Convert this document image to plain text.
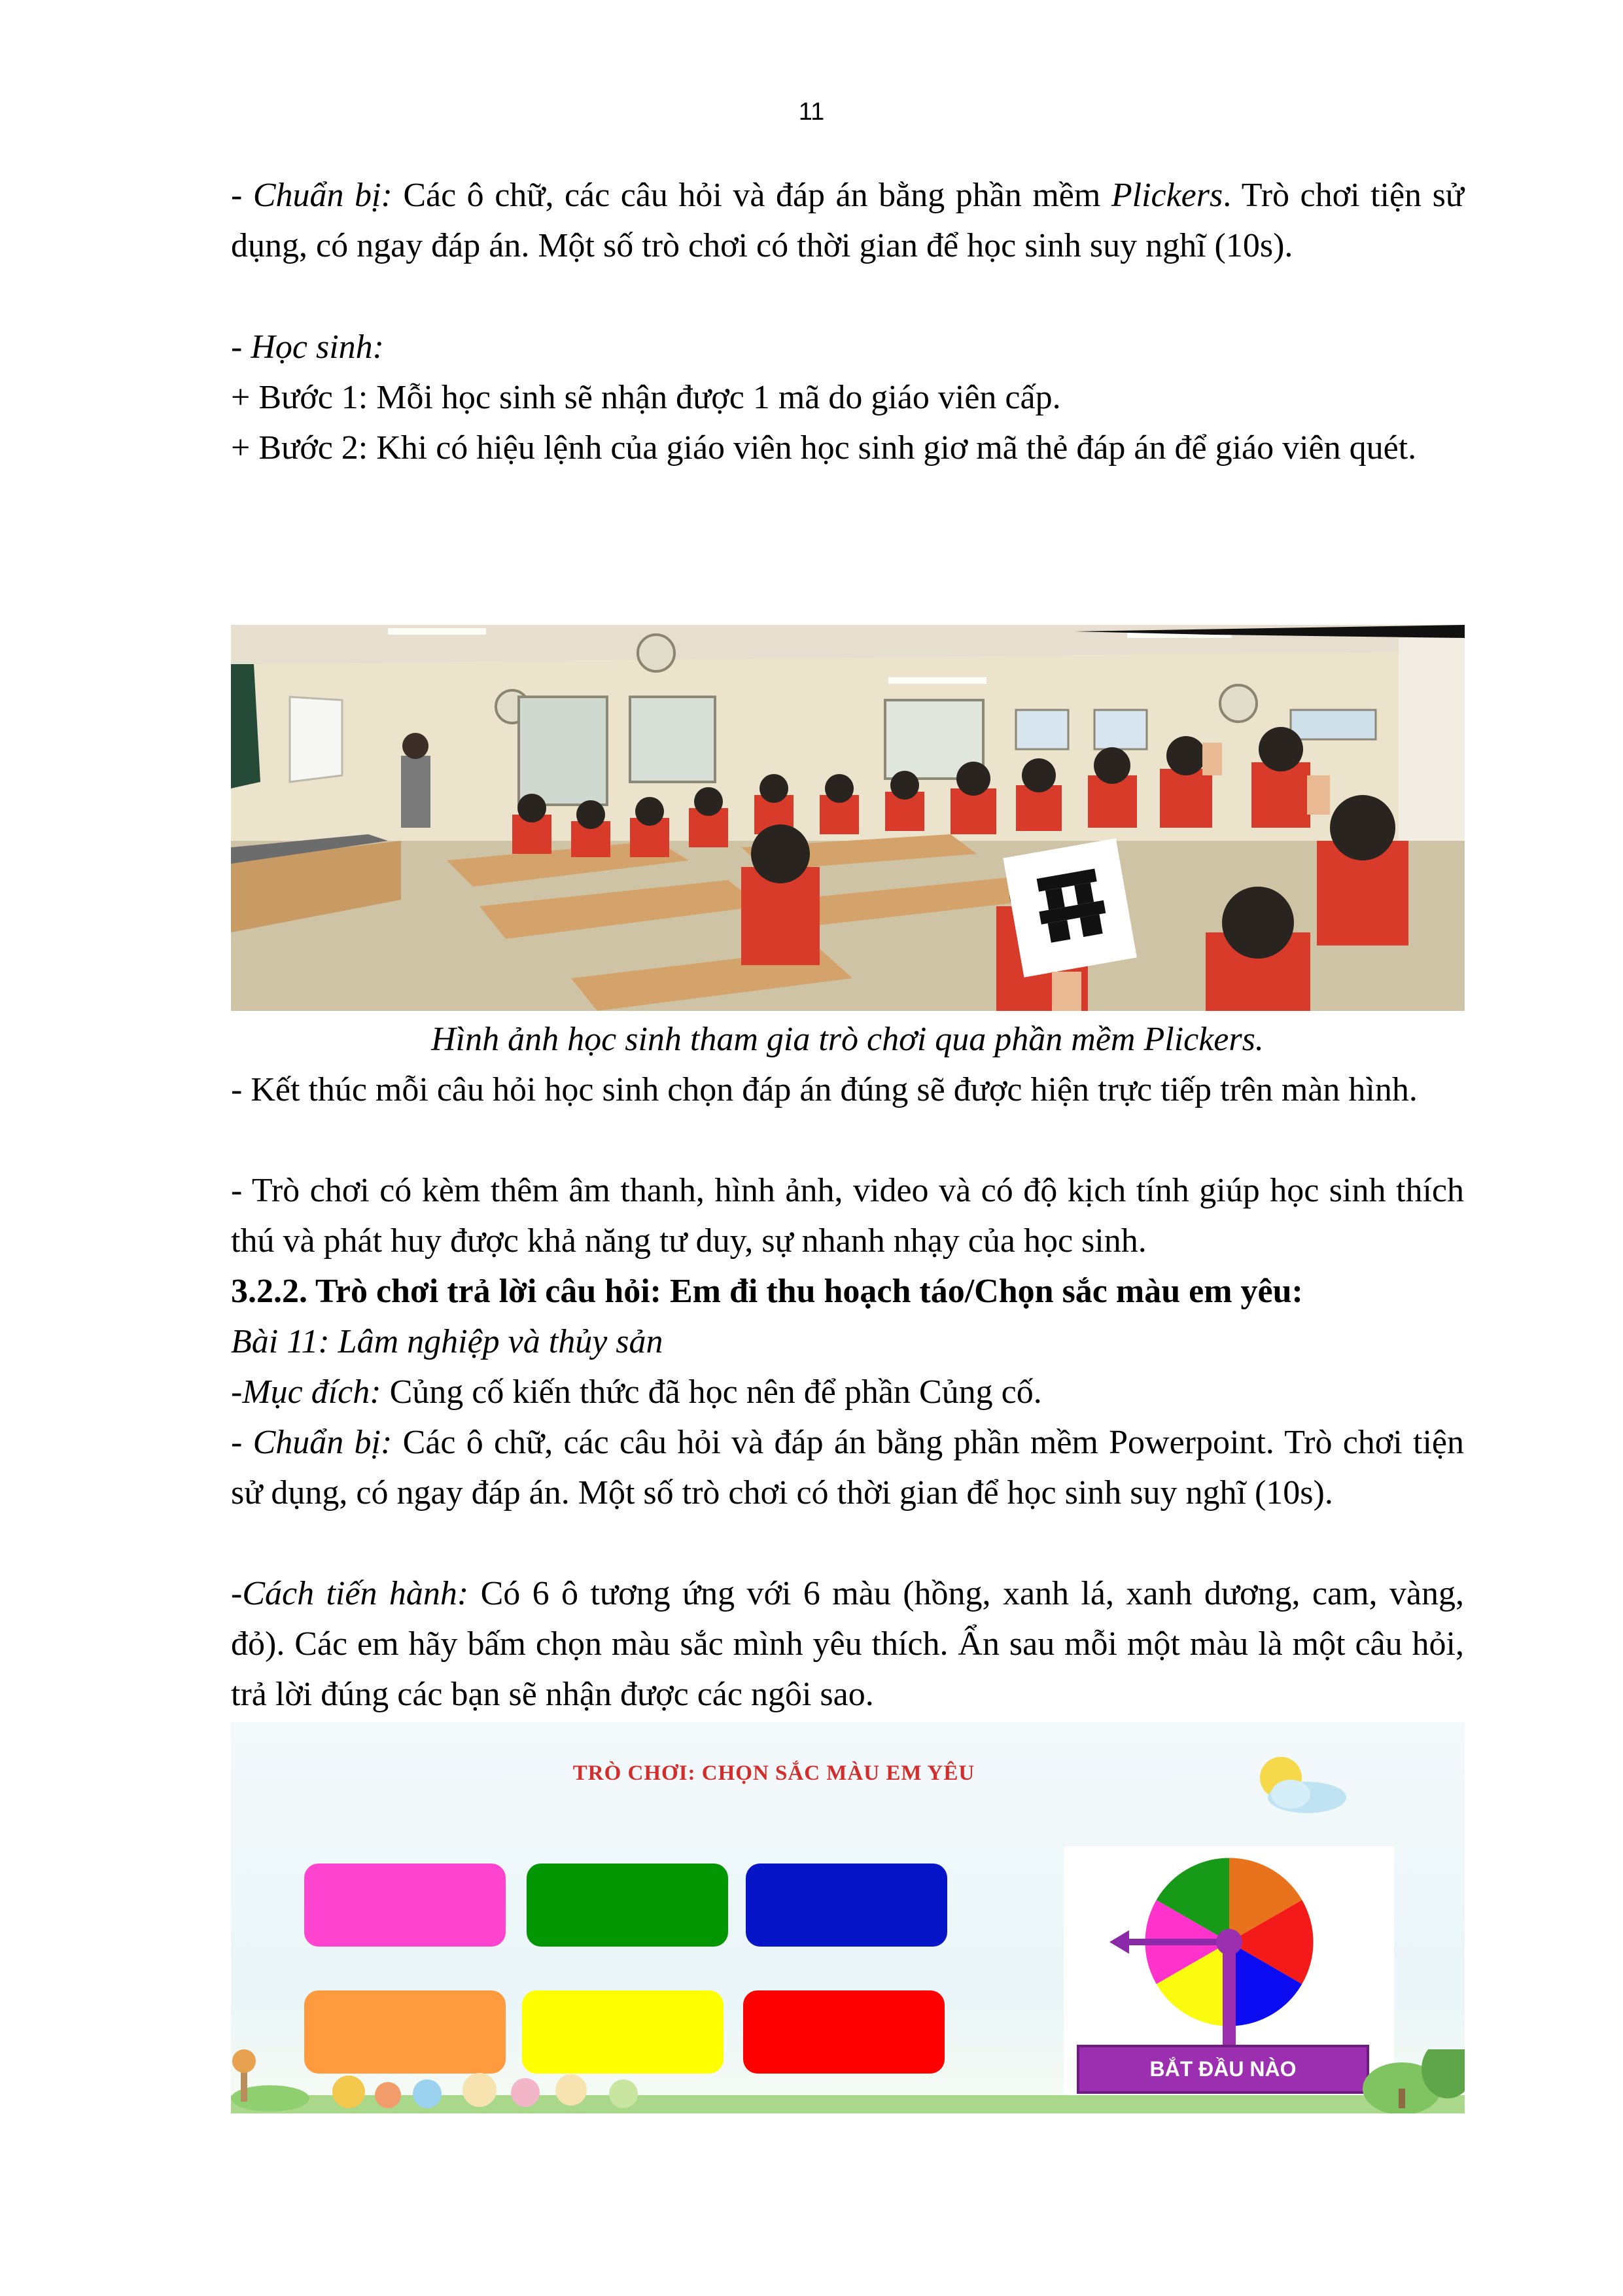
11
- Chuẩn bị: Các ô chữ, các câu hỏi và đáp án bằng phần mềm Plickers. Trò chơi tiện sử dụng, có ngay đáp án. Một số trò chơi có thời gian để học sinh suy nghĩ (10s).
- Học sinh:
+ Bước 1: Mỗi học sinh sẽ nhận được 1 mã do giáo viên cấp.
+ Bước 2: Khi có hiệu lệnh của giáo viên học sinh giơ mã thẻ đáp án để giáo viên quét.
Hình ảnh học sinh tham gia trò chơi qua phần mềm Plickers.
- Kết thúc mỗi câu hỏi học sinh chọn đáp án đúng sẽ được hiện trực tiếp trên màn hình.
- Trò chơi có kèm thêm âm thanh, hình ảnh, video và có độ kịch tính giúp học sinh thích thú và phát huy được khả năng tư duy, sự nhanh nhạy của học sinh.
3.2.2. Trò chơi trả lời câu hỏi: Em đi thu hoạch táo/Chọn sắc màu em yêu:
Bài 11: Lâm nghiệp và thủy sản
-Mục đích: Củng cố kiến thức đã học nên để phần Củng cố.
- Chuẩn bị: Các ô chữ, các câu hỏi và đáp án bằng phần mềm Powerpoint. Trò chơi tiện sử dụng, có ngay đáp án. Một số trò chơi có thời gian để học sinh suy nghĩ (10s).
-Cách tiến hành: Có 6 ô tương ứng với 6 màu (hồng, xanh lá, xanh dương, cam, vàng, đỏ). Các em hãy bấm chọn màu sắc mình yêu thích. Ẩn sau mỗi một màu là một câu hỏi, trả lời đúng các bạn sẽ nhận được các ngôi sao.
TRÒ CHƠI: CHỌN SẮC MÀU EM YÊU
BẮT ĐẦU NÀO
